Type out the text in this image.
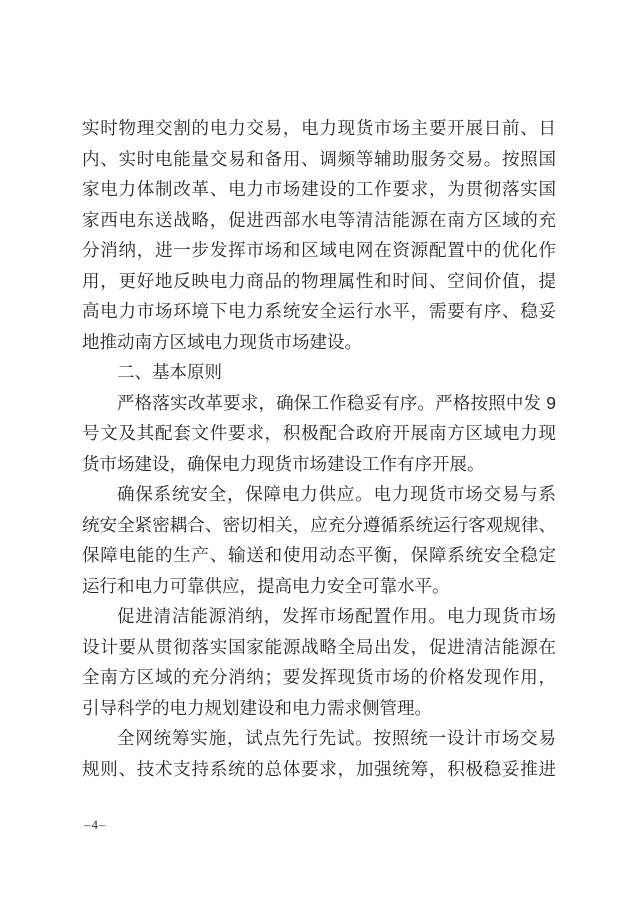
实时物理交割的电力交易，电力现货市场主要开展日前、日
内、实时电能量交易和备用、调频等辅助服务交易。按照国
家电力体制改革、电力市场建设的工作要求，为贯彻落实国
家西电东送战略，促进西部水电等清洁能源在南方区域的充
分消纳，进一步发挥市场和区域电网在资源配置中的优化作
用，更好地反映电力商品的物理属性和时间、空间价值，提
高电力市场环境下电力系统安全运行水平，需要有序、稳妥
地推动南方区域电力现货市场建设。
二、基本原则
严格落实改革要求，确保工作稳妥有序。严格按照中发 9
号文及其配套文件要求，积极配合政府开展南方区域电力现
货市场建设，确保电力现货市场建设工作有序开展。
确保系统安全，保障电力供应。电力现货市场交易与系
统安全紧密耦合、密切相关，应充分遵循系统运行客观规律、
保障电能的生产、输送和使用动态平衡，保障系统安全稳定
运行和电力可靠供应，提高电力安全可靠水平。
促进清洁能源消纳，发挥市场配置作用。电力现货市场
设计要从贯彻落实国家能源战略全局出发，促进清洁能源在
全南方区域的充分消纳；要发挥现货市场的价格发现作用，
引导科学的电力规划建设和电力需求侧管理。
全网统筹实施，试点先行先试。按照统一设计市场交易
规则、技术支持系统的总体要求，加强统筹，积极稳妥推进
–4–
